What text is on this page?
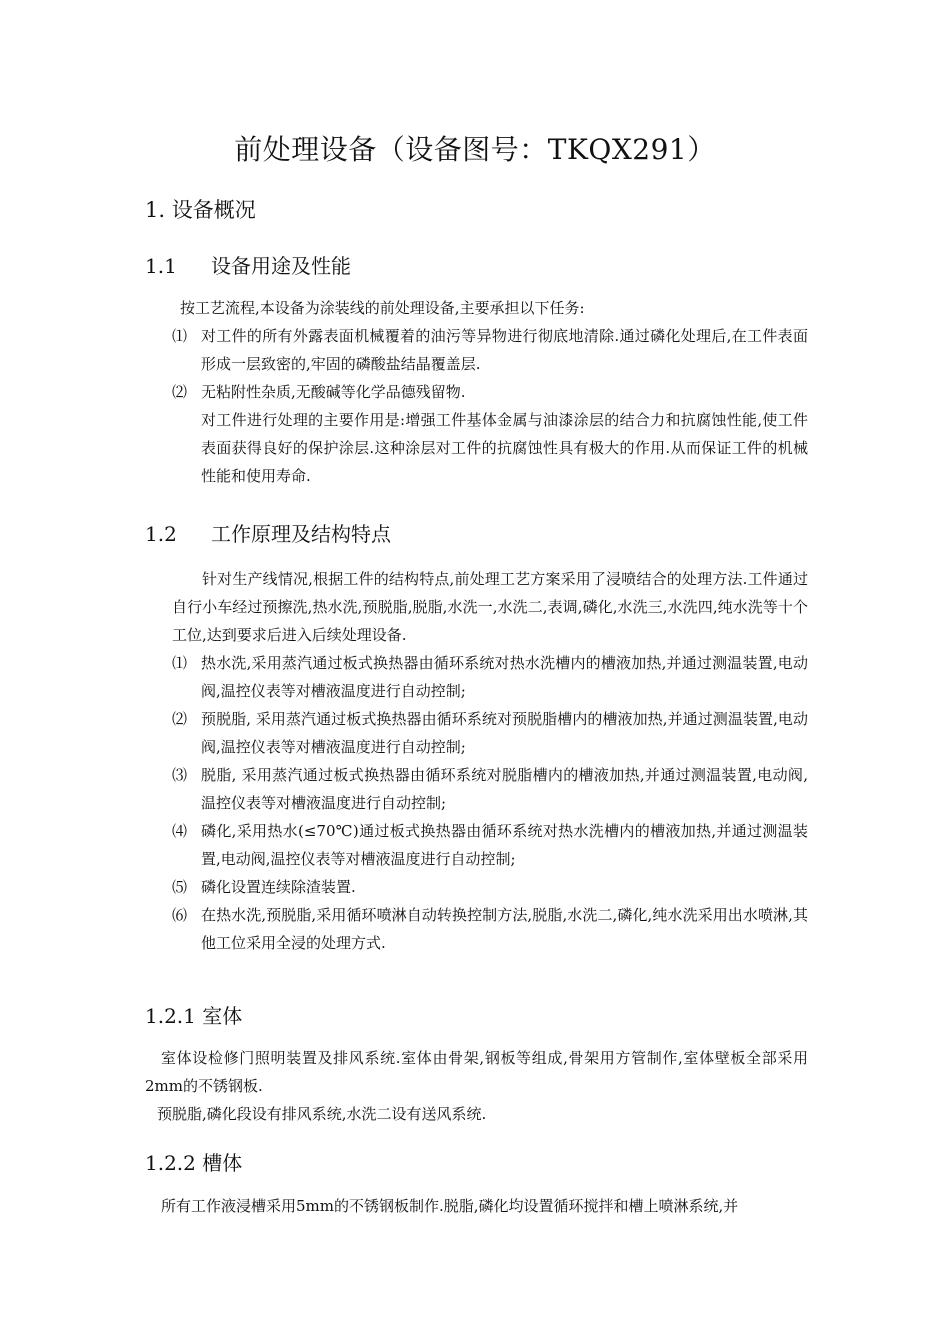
前处理设备（设备图号：TKQX291）
1. 设备概况
1.1 设备用途及性能

按工艺流程,本设备为涂装线的前处理设备,主要承担以下任务:

⑴ 对工件的所有外露表面机械覆着的油污等异物进行彻底地清除.通过磷化处理后,在工件表面形成一层致密的,牢固的磷酸盐结晶覆盖层.
⑵ 无粘附性杂质,无酸碱等化学品德残留物.

对工件进行处理的主要作用是:增强工件基体金属与油漆涂层的结合力和抗腐蚀性能,使工件表面获得良好的保护涂层.这种涂层对工件的抗腐蚀性具有极大的作用.从而保证工件的机械性能和使用寿命.

1.2 工作原理及结构特点

针对生产线情况,根据工件的结构特点,前处理工艺方案采用了浸喷结合的处理方法.工件通过自行小车经过预擦洗,热水洗,预脱脂,脱脂,水洗一,水洗二,表调,磷化,水洗三,水洗四,纯水洗等十个工位,达到要求后进入后续处理设备.

⑴ 热水洗,采用蒸汽通过板式换热器由循环系统对热水洗槽内的槽液加热,并通过测温装置,电动阀,温控仪表等对槽液温度进行自动控制;
⑵ 预脱脂, 采用蒸汽通过板式换热器由循环系统对预脱脂槽内的槽液加热,并通过测温装置,电动阀,温控仪表等对槽液温度进行自动控制;
⑶ 脱脂, 采用蒸汽通过板式换热器由循环系统对脱脂槽内的槽液加热,并通过测温装置,电动阀,温控仪表等对槽液温度进行自动控制;
⑷ 磷化,采用热水(≤70℃)通过板式换热器由循环系统对热水洗槽内的槽液加热,并通过测温装置,电动阀,温控仪表等对槽液温度进行自动控制;
⑸ 磷化设置连续除渣装置.
⑹ 在热水洗,预脱脂,采用循环喷淋自动转换控制方法,脱脂,水洗二,磷化,纯水洗采用出水喷淋,其他工位采用全浸的处理方式.
1.2.1 室体

室体设检修门照明装置及排风系统.室体由骨架,钢板等组成,骨架用方管制作,室体壁板全部采用2mm的不锈钢板.

预脱脂,磷化段设有排风系统,水洗二设有送风系统.

1.2.2 槽体

所有工作液浸槽采用5mm的不锈钢板制作.脱脂,磷化均设置循环搅拌和槽上喷淋系统,并
